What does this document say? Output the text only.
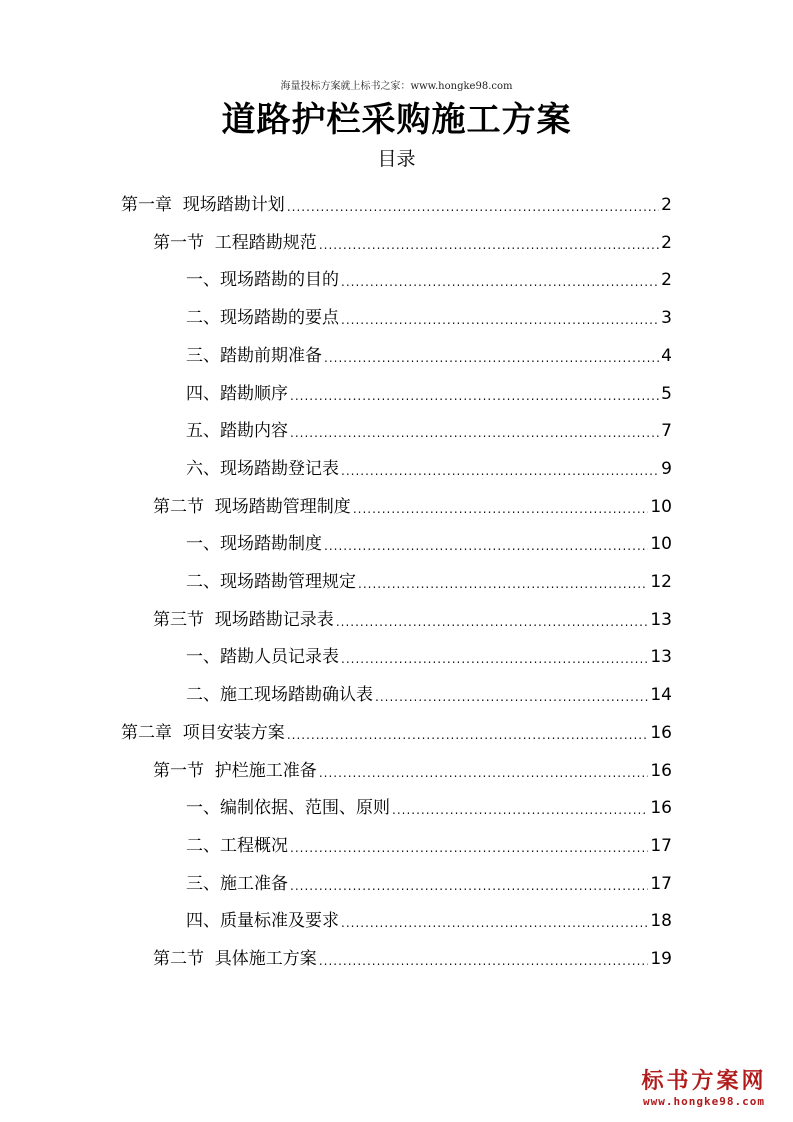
海量投标方案就上标书之家：www.hongke98.com
道路护栏采购施工方案
目录
第一章  现场踏勘计划 .....	2
第一节  工程踏勘规范 .....	2
一、现场踏勘的目的 .....	2
二、现场踏勘的要点 .....	3
三、踏勘前期准备 .....	4
四、踏勘顺序 .....	5
五、踏勘内容 .....	7
六、现场踏勘登记表 .....	9
第二节  现场踏勘管理制度 .....	10
一、现场踏勘制度 .....	10
二、现场踏勘管理规定 .....	12
第三节  现场踏勘记录表 .....	13
一、踏勘人员记录表 .....	13
二、施工现场踏勘确认表 .....	14
第二章  项目安装方案 .....	16
第一节  护栏施工准备 .....	16
一、编制依据、范围、原则 .....	16
二、工程概况 .....	17
三、施工准备 .....	17
四、质量标准及要求 .....	18
第二节  具体施工方案 .....	19
标书方案网
www.hongke98.com
